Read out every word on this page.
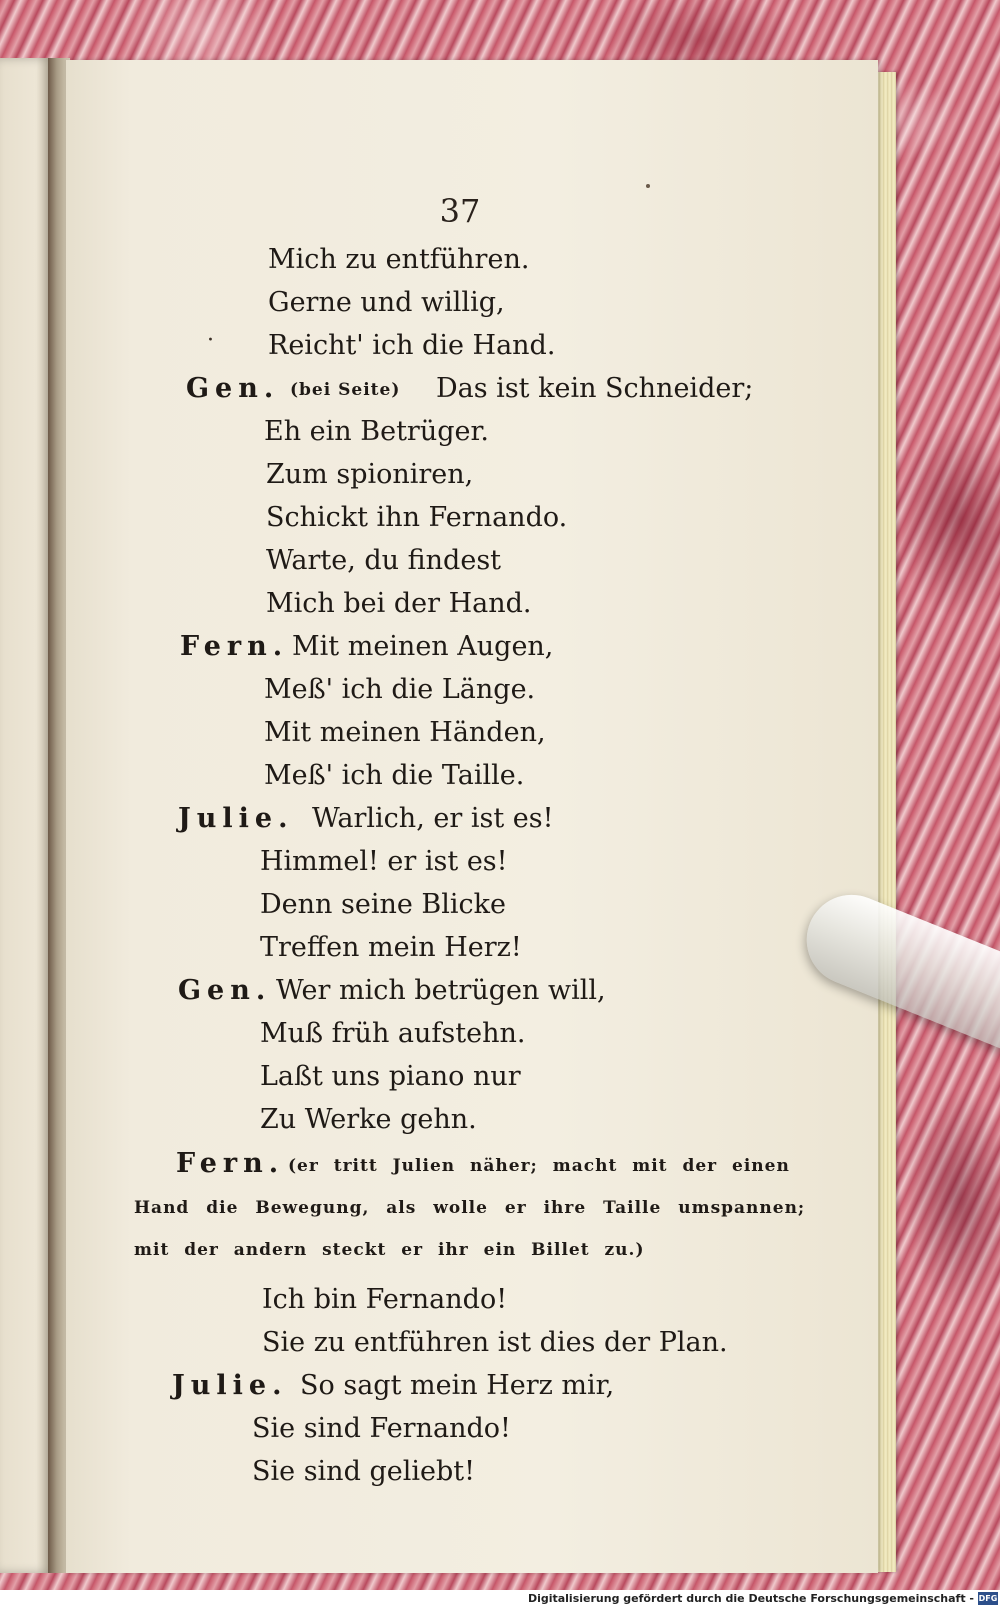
37
Mich zu entführen.
Gerne und willig,
Reicht' ich die Hand.
Gen. (bei Seite) Das ist kein Schneider;
Eh ein Betrüger.
Zum spioniren,
Schickt ihn Fernando.
Warte, du findest
Mich bei der Hand.
Fern. Mit meinen Augen,
Meß' ich die Länge.
Mit meinen Händen,
Meß' ich die Taille.
Julie. Warlich, er ist es!
Himmel! er ist es!
Denn seine Blicke
Treffen mein Herz!
Gen. Wer mich betrügen will,
Muß früh aufstehn.
Laßt uns piano nur
Zu Werke gehn.
Fern. (er tritt Julien näher; macht mit der einen
Hand die Bewegung, als wolle er ihre Taille umspannen;
mit der andern steckt er ihr ein Billet zu.)
Ich bin Fernando!
Sie zu entführen ist dies der Plan.
Julie. So sagt mein Herz mir,
Sie sind Fernando!
Sie sind geliebt!
·
Digitalisierung gefördert durch die Deutsche Forschungsgemeinschaft - DFG
